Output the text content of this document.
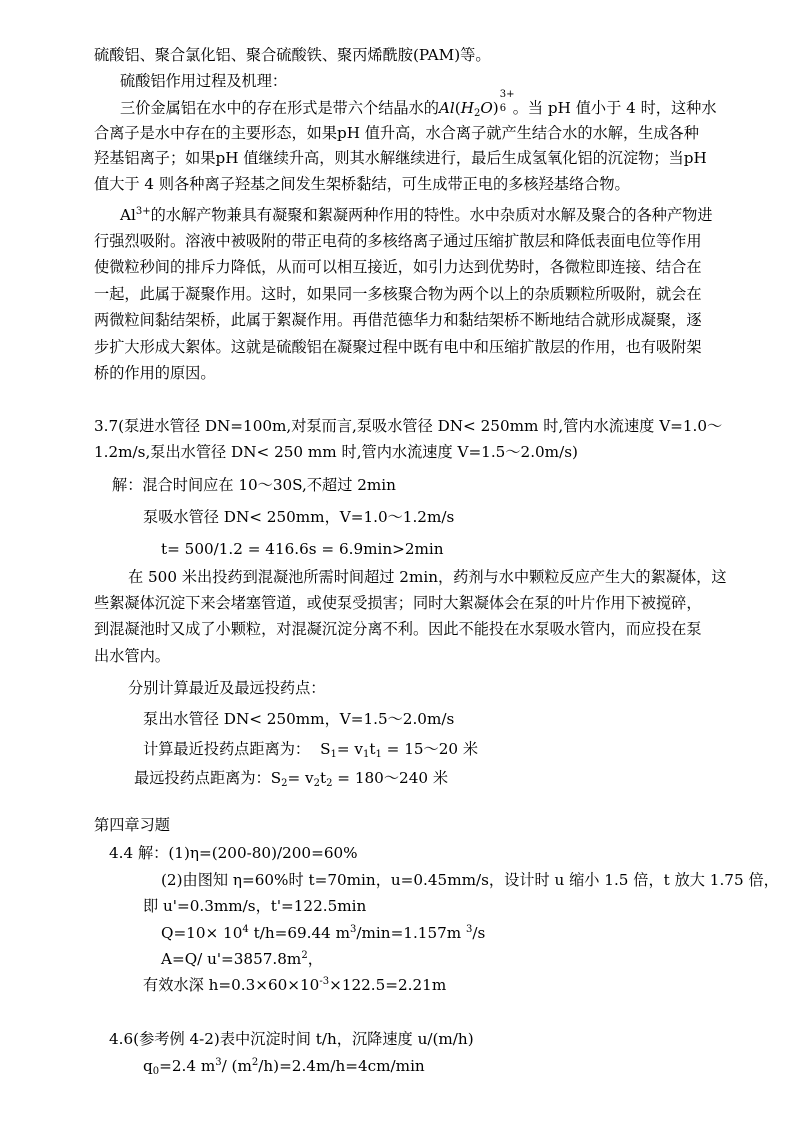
硫酸铝、聚合氯化铝、聚合硫酸铁、聚丙烯酰胺(PAM)等。
硫酸铝作用过程及机理：
三价金属铝在水中的存在形式是带六个结晶水的$Al(H_2O)$
3+
6 。当 pH 值小于 4 时，这种水
合离子是水中存在的主要形态，如果pH 值升高，水合离子就产生结合水的水解，生成各种
羟基铝离子；如果pH 值继续升高，则其水解继续进行，最后生成氢氧化铝的沉淀物；当pH
值大于 4 则各种离子羟基之间发生架桥黏结，可生成带正电的多核羟基络合物。
$Al^{3+}$的水解产物兼具有凝聚和絮凝两种作用的特性。水中杂质对水解及聚合的各种产物进
行强烈吸附。溶液中被吸附的带正电荷的多核络离子通过压缩扩散层和降低表面电位等作用
使微粒秒间的排斥力降低，从而可以相互接近，如引力达到优势时，各微粒即连接、结合在
一起，此属于凝聚作用。这时，如果同一多核聚合物为两个以上的杂质颗粒所吸附，就会在
两微粒间黏结架桥，此属于絮凝作用。再借范德华力和黏结架桥不断地结合就形成凝聚，逐
步扩大形成大絮体。这就是硫酸铝在凝聚过程中既有电中和压缩扩散层的作用，也有吸附架
桥的作用的原因。
3.7(泵进水管径 DN=100m,对泵而言,泵吸水管径 DN< 250mm 时,管内水流速度 V=1.0～
1.2m/s,泵出水管径 DN< 250 mm 时,管内水流速度 V=1.5～2.0m/s)
解：混合时间应在 10～30S,不超过 2min
泵吸水管径 DN< 250mm，V=1.0～1.2m/s
t= 500/1.2 = 416.6s = 6.9min>2min
在 500 米出投药到混凝池所需时间超过 2min，药剂与水中颗粒反应产生大的絮凝体，这
些絮凝体沉淀下来会堵塞管道，或使泵受损害；同时大絮凝体会在泵的叶片作用下被搅碎，
到混凝池时又成了小颗粒，对混凝沉淀分离不利。因此不能投在水泵吸水管内，而应投在泵
出水管内。
分别计算最近及最远投药点：
泵出水管径 DN< 250mm，V=1.5～2.0m/s
计算最近投药点距离为： $S_1= v_1t_1$ = 15～20 米
最远投药点距离为：$S_2= v_2t_2$ = 180～240 米
第四章习题
4.4 解：(1)η=(200-80)/200=60%
(2)由图知 η=60%时 t=70min，u=0.45mm/s，设计时 u 缩小 1.5 倍，t 放大 1.75 倍，
即 u'=0.3mm/s，t'=122.5min
$Q=10\times 10^4$ t/h=69.44 $m^3/\min=1.157m$ $^3$/s
A=Q/ $u'=3857.8m^2$，
有效水深 $h=0.3\times 60\times 10^{-3}\times 122.5=2.21m$
4.6(参考例 4-2)表中沉淀时间 t/h，沉降速度 u/(m/h)
$q_0=2.4$ $m^3/$ $(m^2/h)=2.4m/h=4cm/\min$
